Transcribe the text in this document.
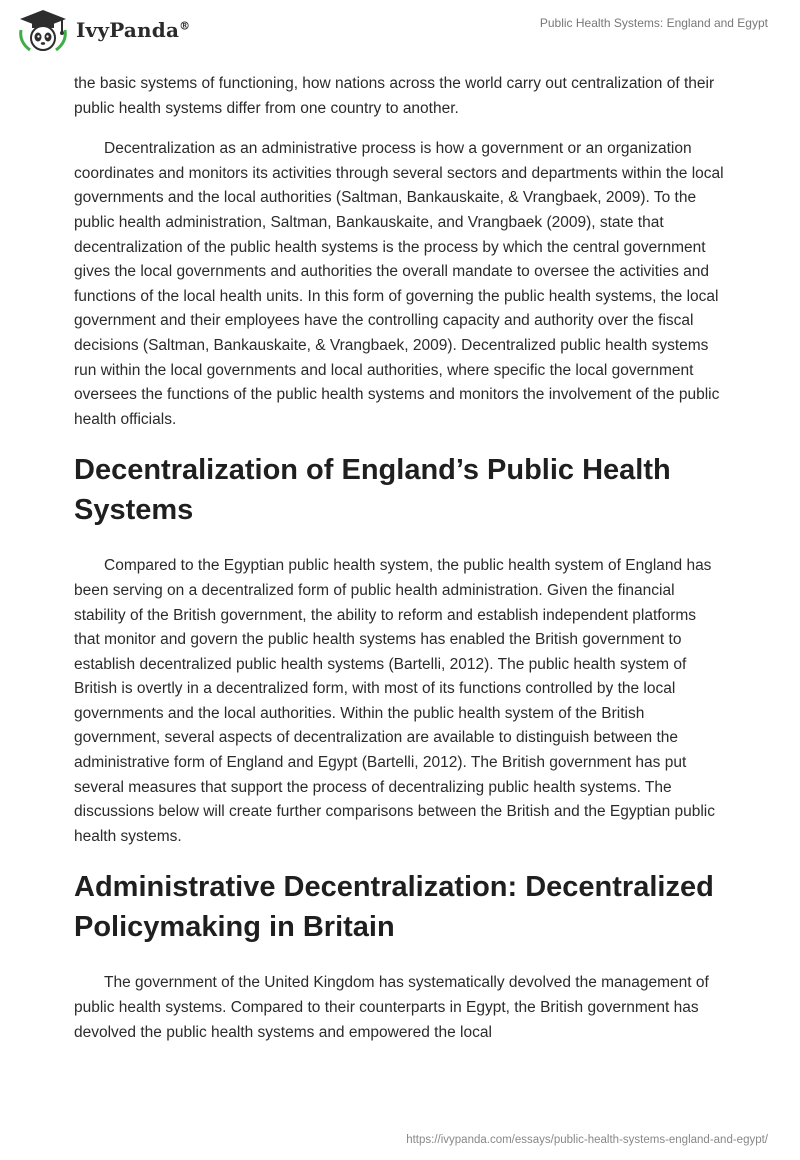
IvyPanda®	Public Health Systems: England and Egypt

the basic systems of functioning, how nations across the world carry out centralization of their public health systems differ from one country to another.

Decentralization as an administrative process is how a government or an organization coordinates and monitors its activities through several sectors and departments within the local governments and the local authorities (Saltman, Bankauskaite, & Vrangbaek, 2009). To the public health administration, Saltman, Bankauskaite, and Vrangbaek (2009), state that decentralization of the public health systems is the process by which the central government gives the local governments and authorities the overall mandate to oversee the activities and functions of the local health units. In this form of governing the public health systems, the local government and their employees have the controlling capacity and authority over the fiscal decisions (Saltman, Bankauskaite, & Vrangbaek, 2009). Decentralized public health systems run within the local governments and local authorities, where specific the local government oversees the functions of the public health systems and monitors the involvement of the public health officials.

Decentralization of England’s Public Health Systems

Compared to the Egyptian public health system, the public health system of England has been serving on a decentralized form of public health administration. Given the financial stability of the British government, the ability to reform and establish independent platforms that monitor and govern the public health systems has enabled the British government to establish decentralized public health systems (Bartelli, 2012). The public health system of British is overtly in a decentralized form, with most of its functions controlled by the local governments and the local authorities. Within the public health system of the British government, several aspects of decentralization are available to distinguish between the administrative form of England and Egypt (Bartelli, 2012). The British government has put several measures that support the process of decentralizing public health systems. The discussions below will create further comparisons between the British and the Egyptian public health systems.

Administrative Decentralization: Decentralized Policymaking in Britain

The government of the United Kingdom has systematically devolved the management of public health systems. Compared to their counterparts in Egypt, the British government has devolved the public health systems and empowered the local

https://ivypanda.com/essays/public-health-systems-england-and-egypt/
